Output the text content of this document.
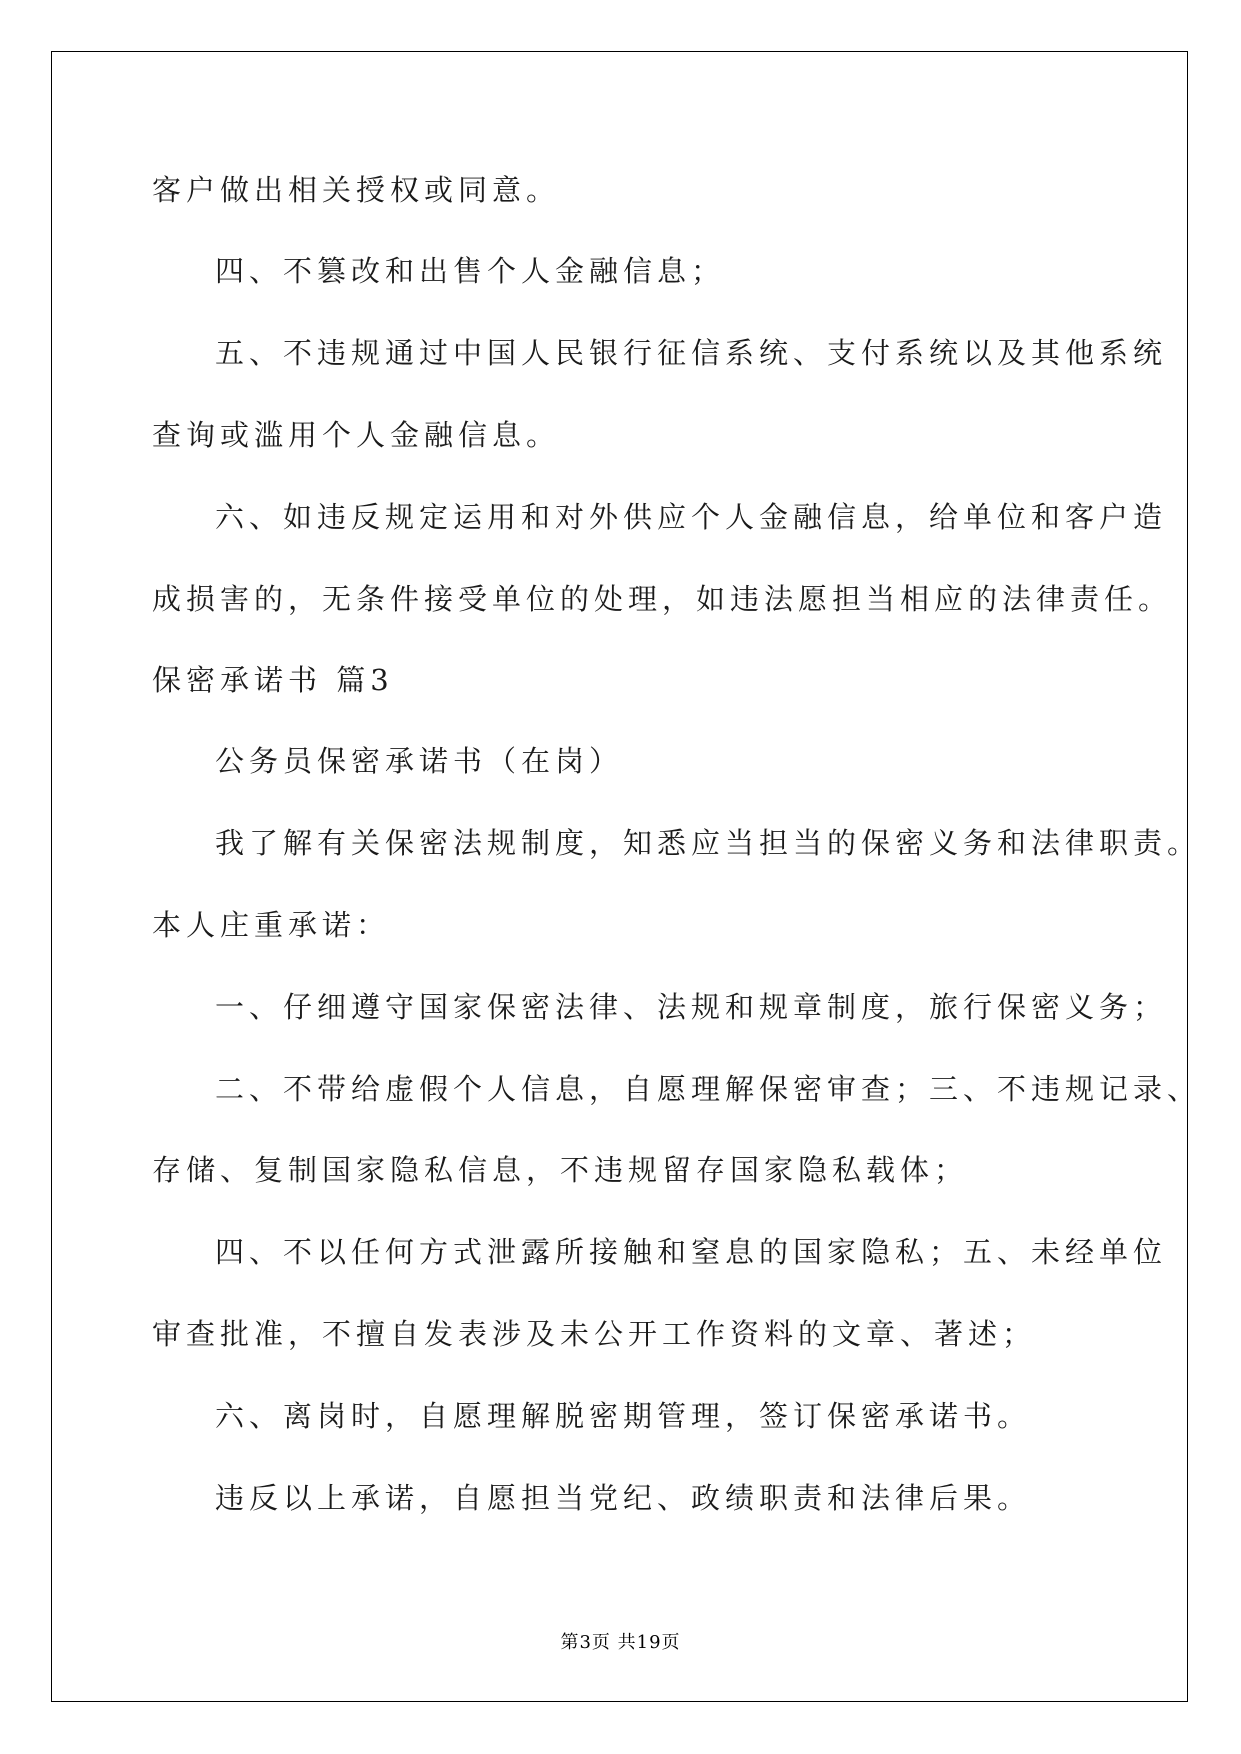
客户做出相关授权或同意。
四、不篡改和出售个人金融信息；
五、不违规通过中国人民银行征信系统、支付系统以及其他系统
查询或滥用个人金融信息。
六、如违反规定运用和对外供应个人金融信息，给单位和客户造
成损害的，无条件接受单位的处理，如违法愿担当相应的法律责任。
保密承诺书 篇3
公务员保密承诺书（在岗）
我了解有关保密法规制度，知悉应当担当的保密义务和法律职责。
本人庄重承诺：
一、仔细遵守国家保密法律、法规和规章制度，旅行保密义务；
二、不带给虚假个人信息，自愿理解保密审查；三、不违规记录、
存储、复制国家隐私信息，不违规留存国家隐私载体；
四、不以任何方式泄露所接触和窒息的国家隐私；五、未经单位
审查批准，不擅自发表涉及未公开工作资料的文章、著述；
六、离岗时，自愿理解脱密期管理，签订保密承诺书。
违反以上承诺，自愿担当党纪、政绩职责和法律后果。
第3页 共19页
